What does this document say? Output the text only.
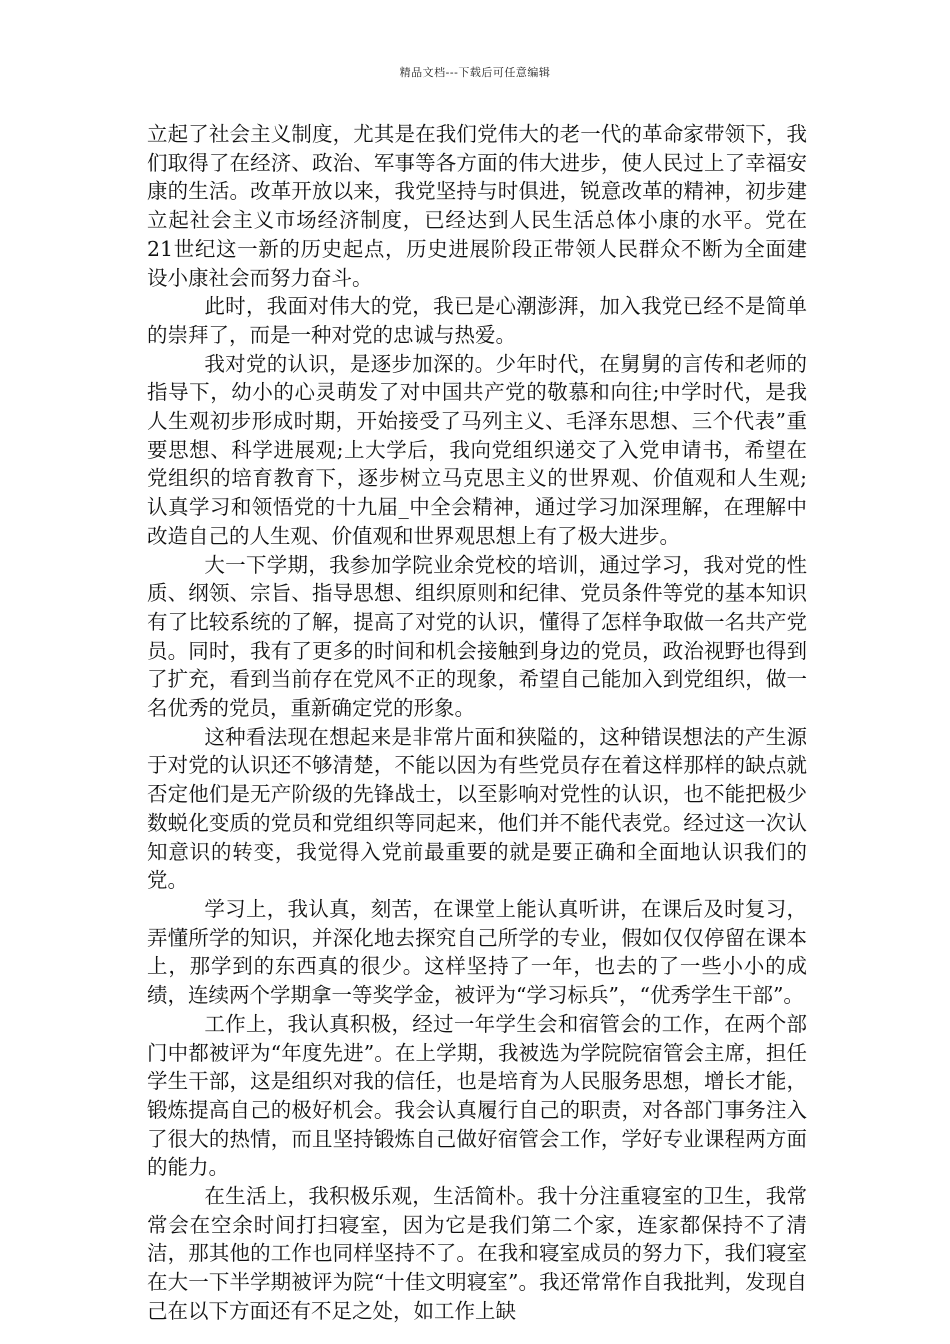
精品文档---下载后可任意编辑

立起了社会主义制度，尤其是在我们党伟大的老一代的革命家带领下，我们取得了在经济、政治、军事等各方面的伟大进步，使人民过上了幸福安康的生活。改革开放以来，我党坚持与时俱进，锐意改革的精神，初步建立起社会主义市场经济制度，已经达到人民生活总体小康的水平。党在21世纪这一新的历史起点，历史进展阶段正带领人民群众不断为全面建设小康社会而努力奋斗。

此时，我面对伟大的党，我已是心潮澎湃，加入我党已经不是简单的崇拜了，而是一种对党的忠诚与热爱。

我对党的认识，是逐步加深的。少年时代，在舅舅的言传和老师的指导下，幼小的心灵萌发了对中国共产党的敬慕和向往;中学时代，是我人生观初步形成时期，开始接受了马列主义、毛泽东思想、三个代表”重要思想、科学进展观;上大学后，我向党组织递交了入党申请书，希望在党组织的培育教育下，逐步树立马克思主义的世界观、价值观和人生观;认真学习和领悟党的十九届_中全会精神，通过学习加深理解，在理解中改造自己的人生观、价值观和世界观思想上有了极大进步。

大一下学期，我参加学院业余党校的培训，通过学习，我对党的性质、纲领、宗旨、指导思想、组织原则和纪律、党员条件等党的基本知识有了比较系统的了解，提高了对党的认识，懂得了怎样争取做一名共产党员。同时，我有了更多的时间和机会接触到身边的党员，政治视野也得到了扩充，看到当前存在党风不正的现象，希望自己能加入到党组织，做一名优秀的党员，重新确定党的形象。

这种看法现在想起来是非常片面和狭隘的，这种错误想法的产生源于对党的认识还不够清楚，不能以因为有些党员存在着这样那样的缺点就否定他们是无产阶级的先锋战士，以至影响对党性的认识，也不能把极少数蜕化变质的党员和党组织等同起来，他们并不能代表党。经过这一次认知意识的转变，我觉得入党前最重要的就是要正确和全面地认识我们的党。

学习上，我认真，刻苦，在课堂上能认真听讲，在课后及时复习，弄懂所学的知识，并深化地去探究自己所学的专业，假如仅仅停留在课本上，那学到的东西真的很少。这样坚持了一年，也去的了一些小小的成绩，连续两个学期拿一等奖学金，被评为“学习标兵”，“优秀学生干部”。

工作上，我认真积极，经过一年学生会和宿管会的工作，在两个部门中都被评为“年度先进”。在上学期，我被选为学院院宿管会主席，担任学生干部，这是组织对我的信任，也是培育为人民服务思想，增长才能，锻炼提高自己的极好机会。我会认真履行自己的职责，对各部门事务注入了很大的热情，而且坚持锻炼自己做好宿管会工作，学好专业课程两方面的能力。

在生活上，我积极乐观，生活简朴。我十分注重寝室的卫生，我常常会在空余时间打扫寝室，因为它是我们第二个家，连家都保持不了清洁，那其他的工作也同样坚持不了。在我和寝室成员的努力下，我们寝室在大一下半学期被评为院“十佳文明寝室”。我还常常作自我批判，发现自己在以下方面还有不足之处，如工作上缺
